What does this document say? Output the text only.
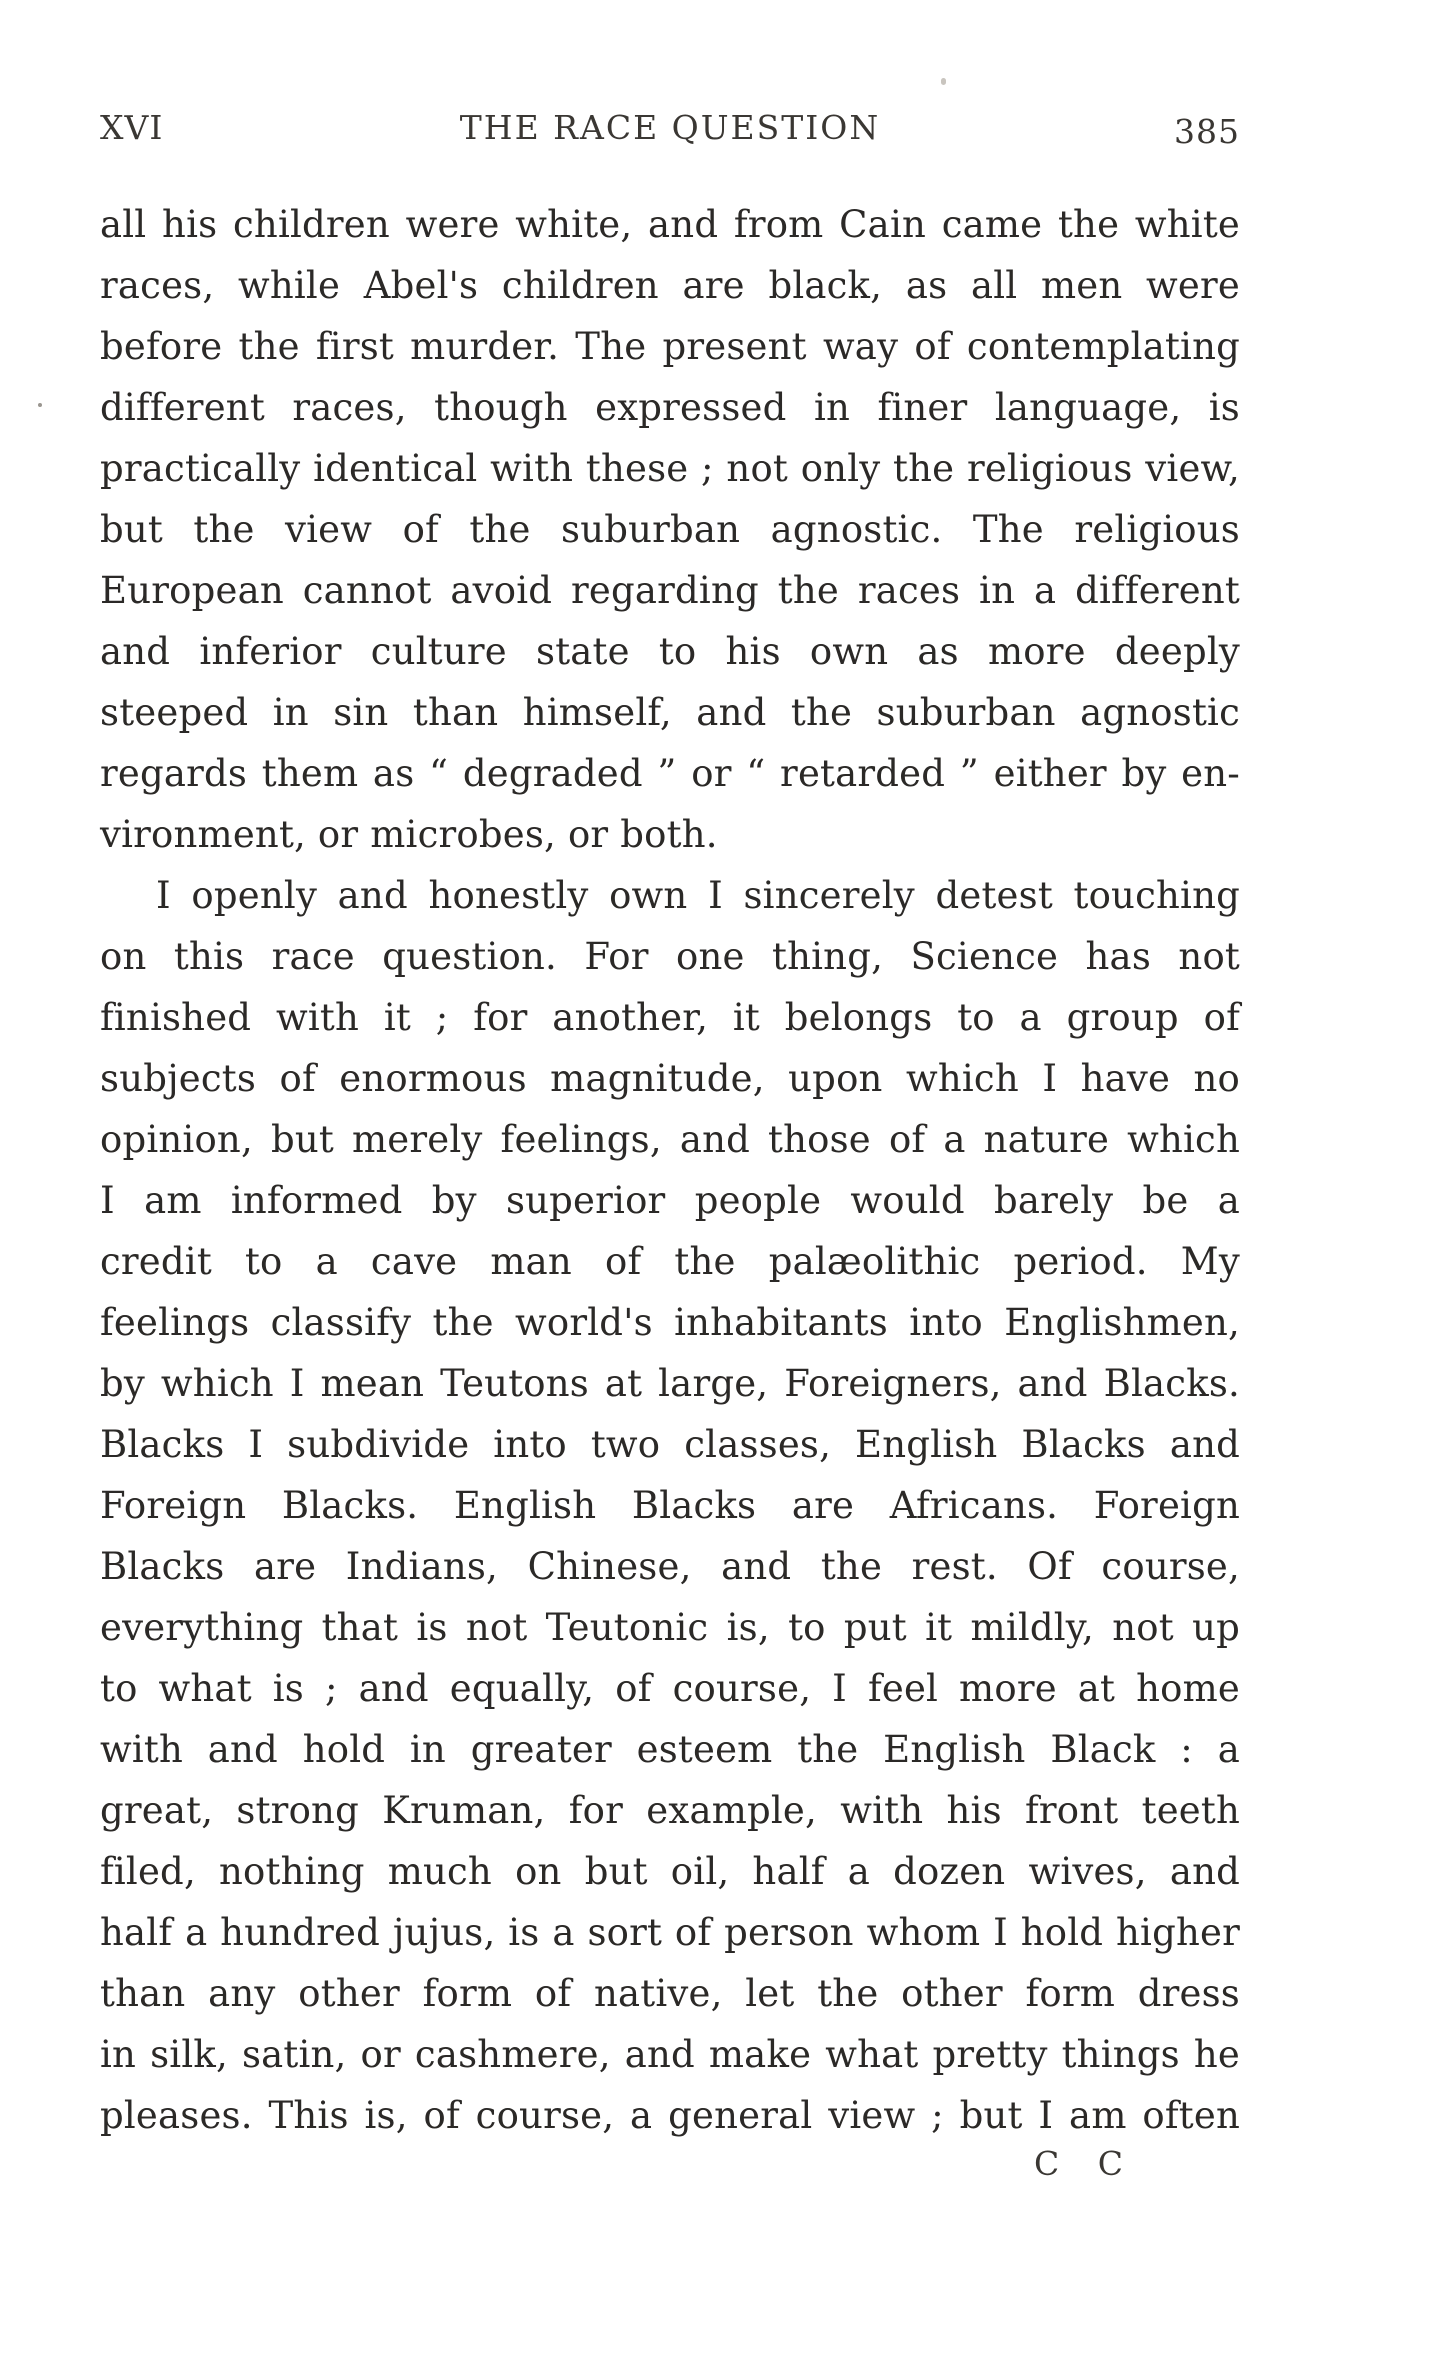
XVI	THE RACE QUESTION	385
all his children were white, and from Cain came the white
races, while Abel's children are black, as all men were
before the first murder. The present way of contemplating
different races, though expressed in finer language, is
practically identical with these ; not only the religious view,
but the view of the suburban agnostic. The religious
European cannot avoid regarding the races in a different
and inferior culture state to his own as more deeply
steeped in sin than himself, and the suburban agnostic
regards them as “ degraded ” or “ retarded ” either by en-
vironment, or microbes, or both.
I openly and honestly own I sincerely detest touching
on this race question. For one thing, Science has not
finished with it ; for another, it belongs to a group of
subjects of enormous magnitude, upon which I have no
opinion, but merely feelings, and those of a nature which
I am informed by superior people would barely be a
credit to a cave man of the palæolithic period. My
feelings classify the world's inhabitants into Englishmen,
by which I mean Teutons at large, Foreigners, and Blacks.
Blacks I subdivide into two classes, English Blacks and
Foreign Blacks. English Blacks are Africans. Foreign
Blacks are Indians, Chinese, and the rest. Of course,
everything that is not Teutonic is, to put it mildly, not up
to what is ; and equally, of course, I feel more at home
with and hold in greater esteem the English Black : a
great, strong Kruman, for example, with his front teeth
filed, nothing much on but oil, half a dozen wives, and
half a hundred jujus, is a sort of person whom I hold higher
than any other form of native, let the other form dress
in silk, satin, or cashmere, and make what pretty things he
pleases. This is, of course, a general view ; but I am often
C C
